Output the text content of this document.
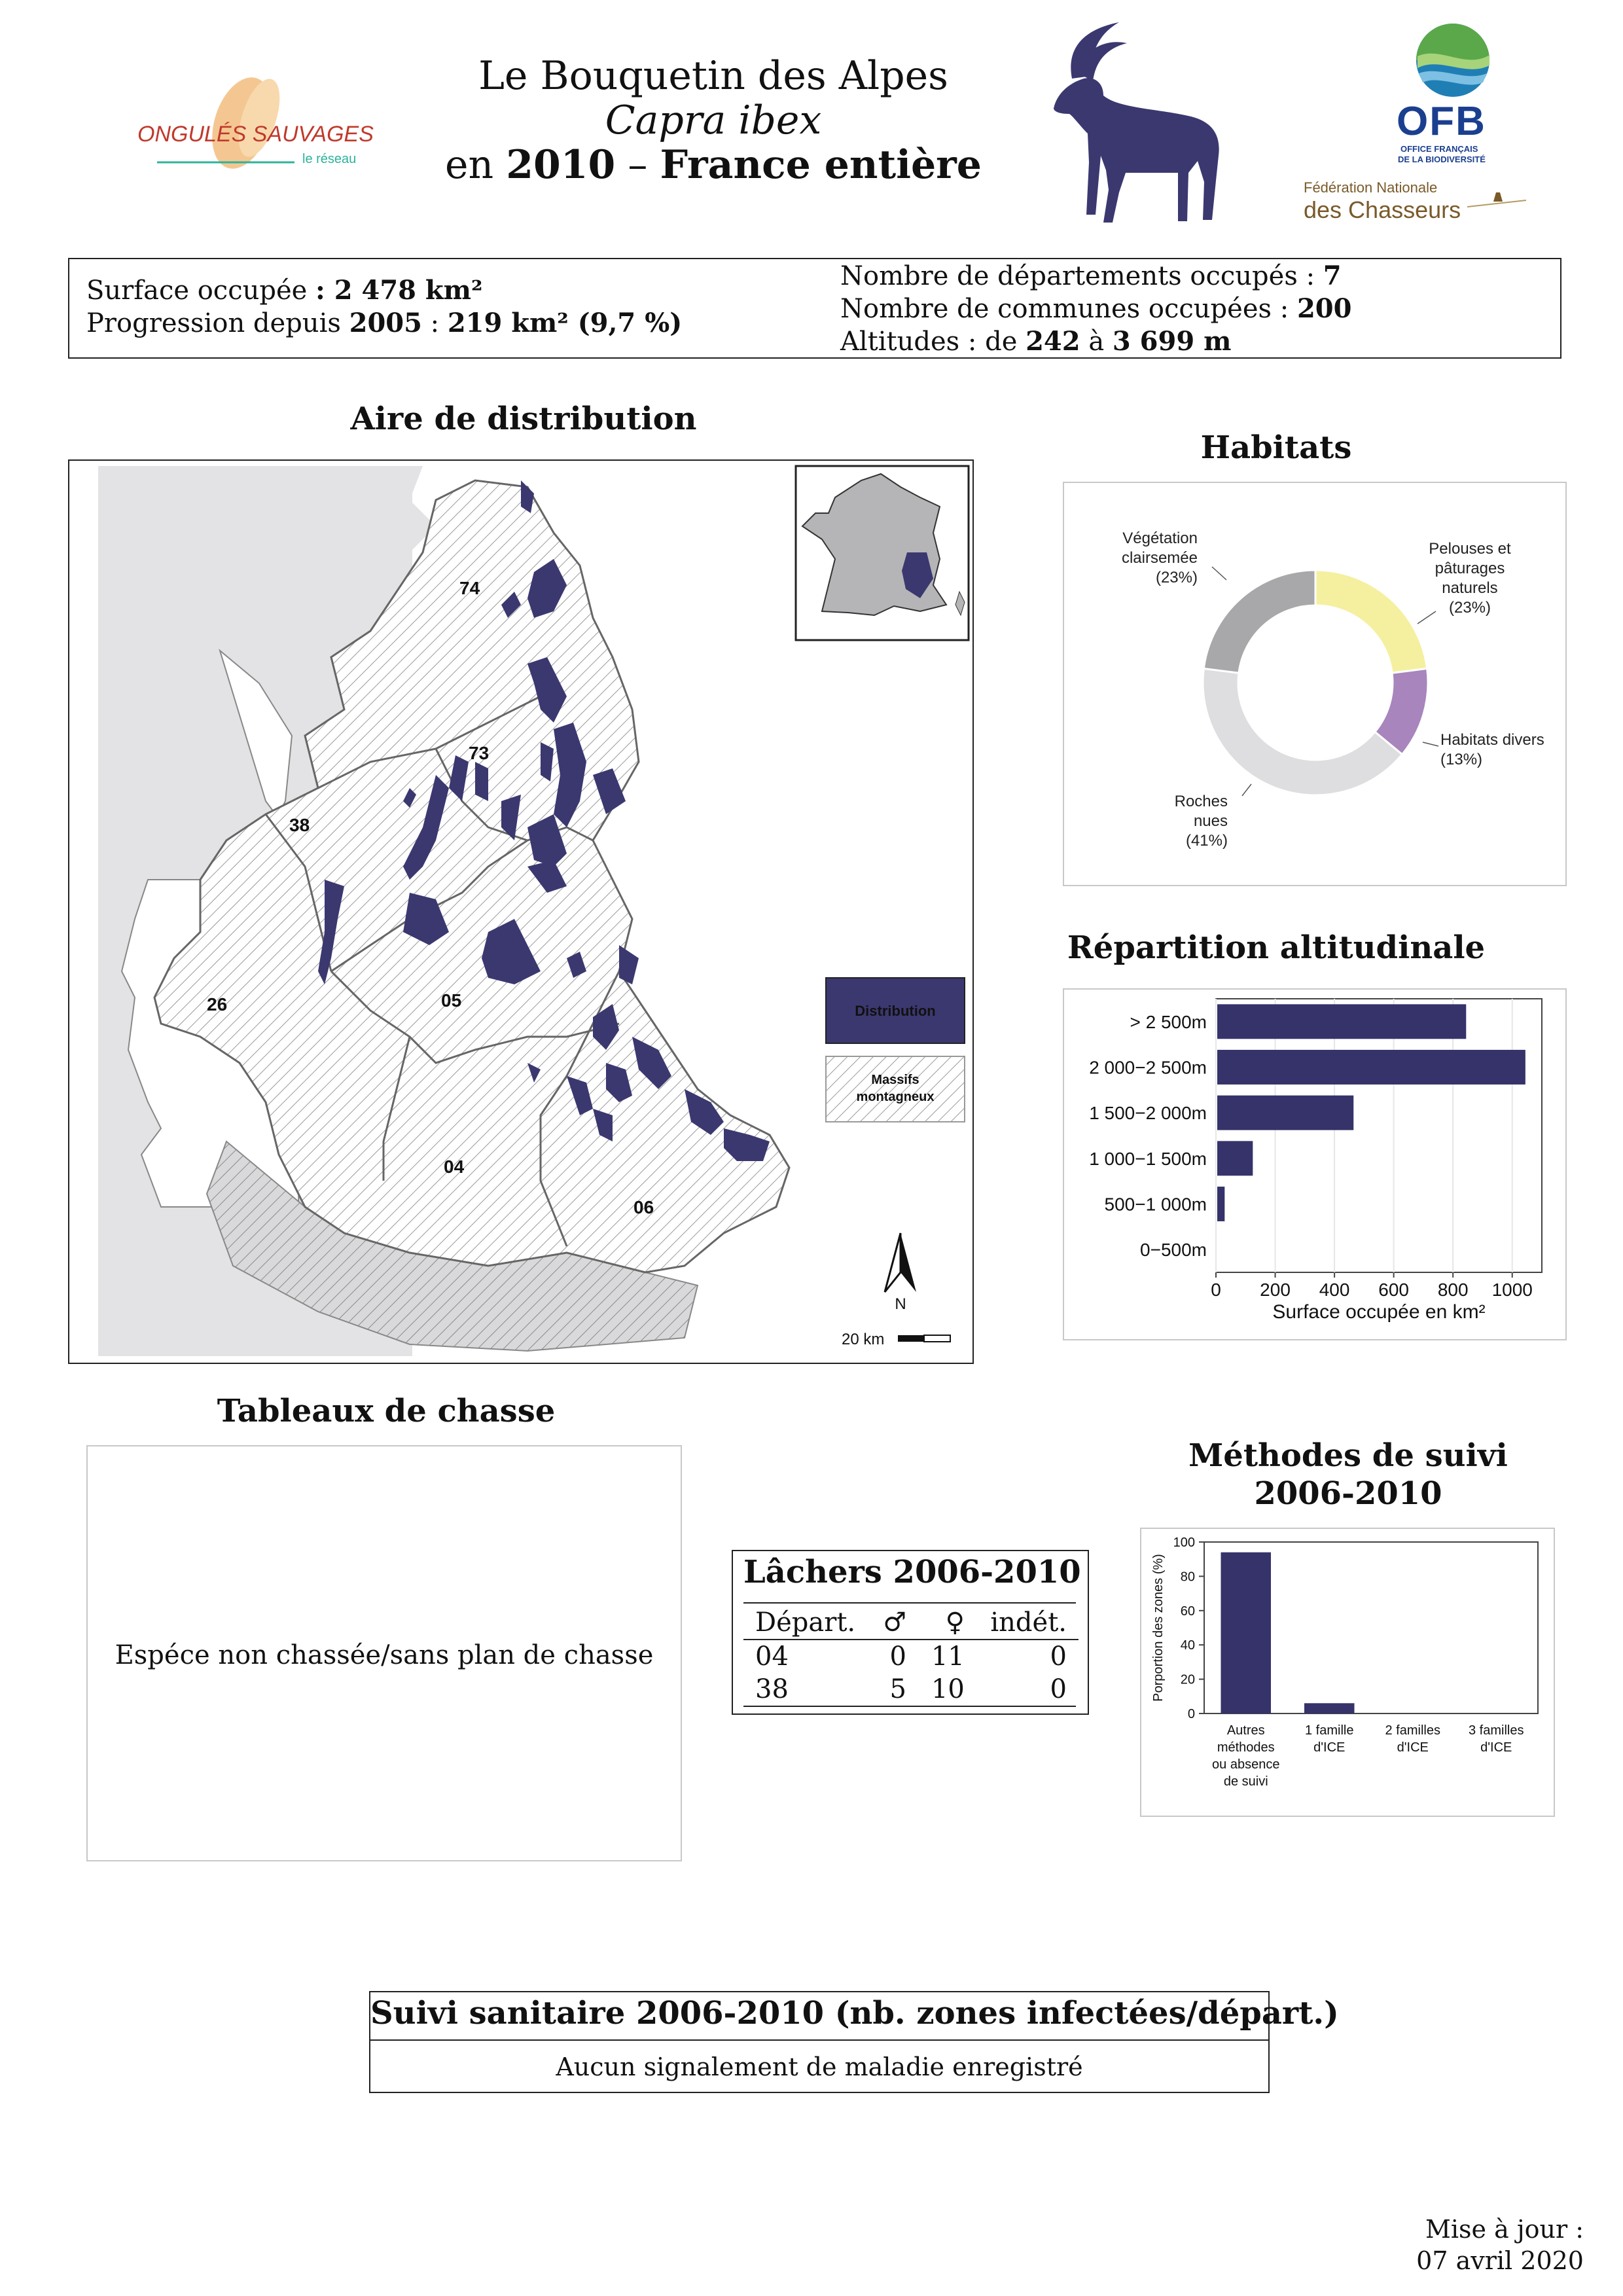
ONGULÉS SAUVAGES
le réseau
Le Bouquetin des Alpes
Capra ibex
en 2010 – France entière
OFB
OFFICE FRANÇAIS
DE LA BIODIVERSITÉ
Fédération Nationale
des Chasseurs
Surface occupée : 2 478 km²
Progression depuis 2005 : 219 km² (9,7 %)
Nombre de départements occupés : 7
Nombre de communes occupées : 200
Altitudes : de 242 à 3 699 m
Aire de distribution
74
73
38
26	05
04
06
Distribution
Massifs
montagneux
N
20 km
Habitats
Pelouses et pâturages naturels (23%)
Habitats divers (13%)
Roches nues (41%)
Végétation clairsemée (23%)
Répartition altitudinale
0 200 400 600 800 1000
> 2 500m
2 000−2 500m
1 500−2 000m
1 000−1 500m
500−1 000m
0−500m
Surface occupée en km²
Tableaux de chasse
Espéce non chassée/sans plan de chasse
Lâchers 2006-2010
Départ.	♂	♀	indét.
04	0	11	0
38	5	10	0
Méthodes de suivi
2006-2010
0
20
40
60
80
100
Autres méthodes ou absence de suivi
1 famille d'ICE
2 familles d'ICE
3 familles d'ICE
Porportion des zones (%)
Suivi sanitaire 2006-2010 (nb. zones infectées/départ.)
Aucun signalement de maladie enregistré
Mise à jour :
07 avril 2020
